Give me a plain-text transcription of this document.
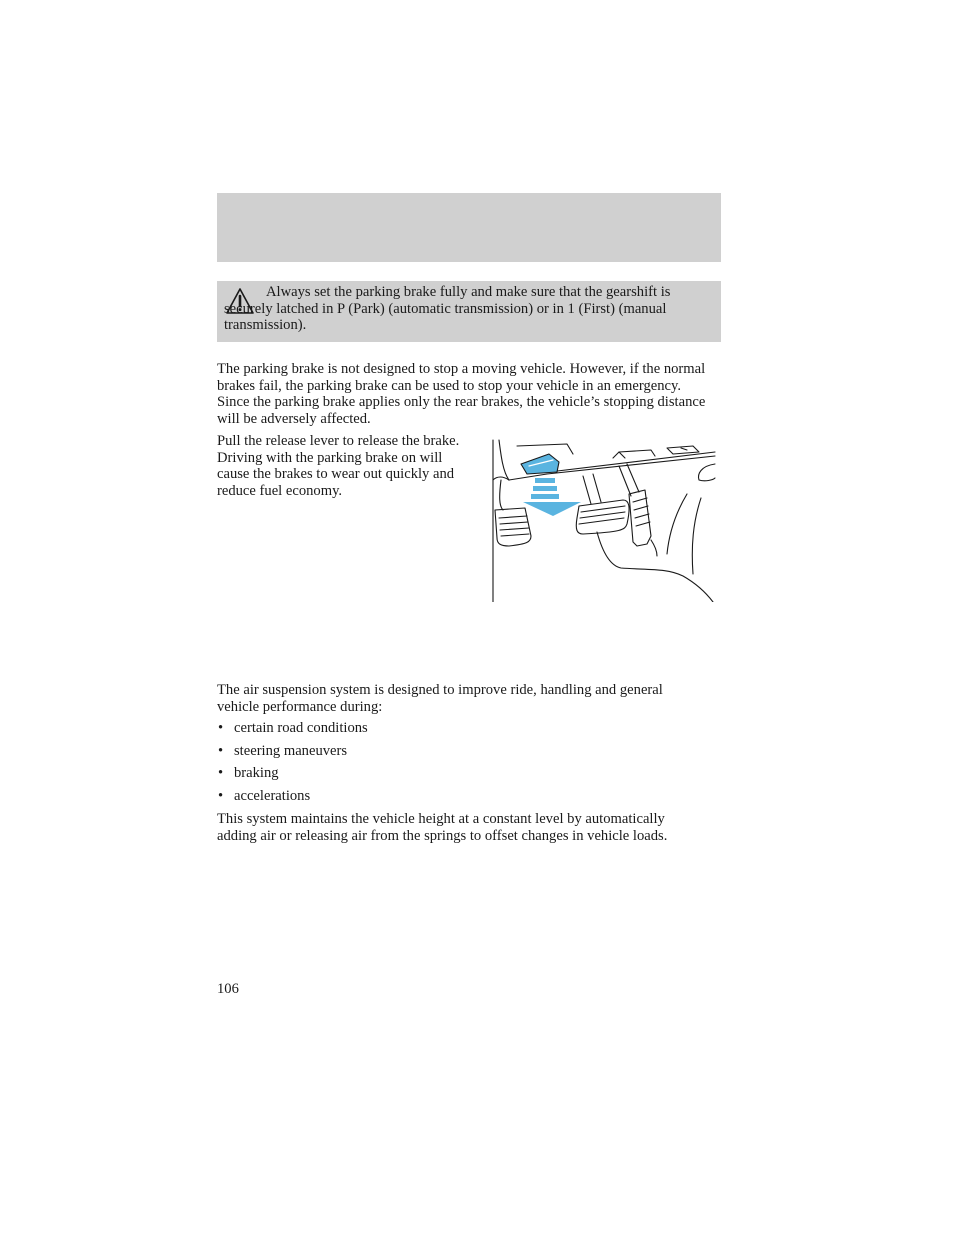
Always set the parking brake fully and make sure that the gearshift is securely latched in P (Park) (automatic transmission) or in 1 (First) (manual transmission).

The parking brake is not designed to stop a moving vehicle. However, if the normal brakes fail, the parking brake can be used to stop your vehicle in an emergency. Since the parking brake applies only the rear brakes, the vehicle’s stopping distance will be adversely affected.

Pull the release lever to release the brake. Driving with the parking brake on will cause the brakes to wear out quickly and reduce fuel economy.

The air suspension system is designed to improve ride, handling and general vehicle performance during:

• certain road conditions
• steering maneuvers
• braking
• accelerations

This system maintains the vehicle height at a constant level by automatically adding air or releasing air from the springs to offset changes in vehicle loads.

106
